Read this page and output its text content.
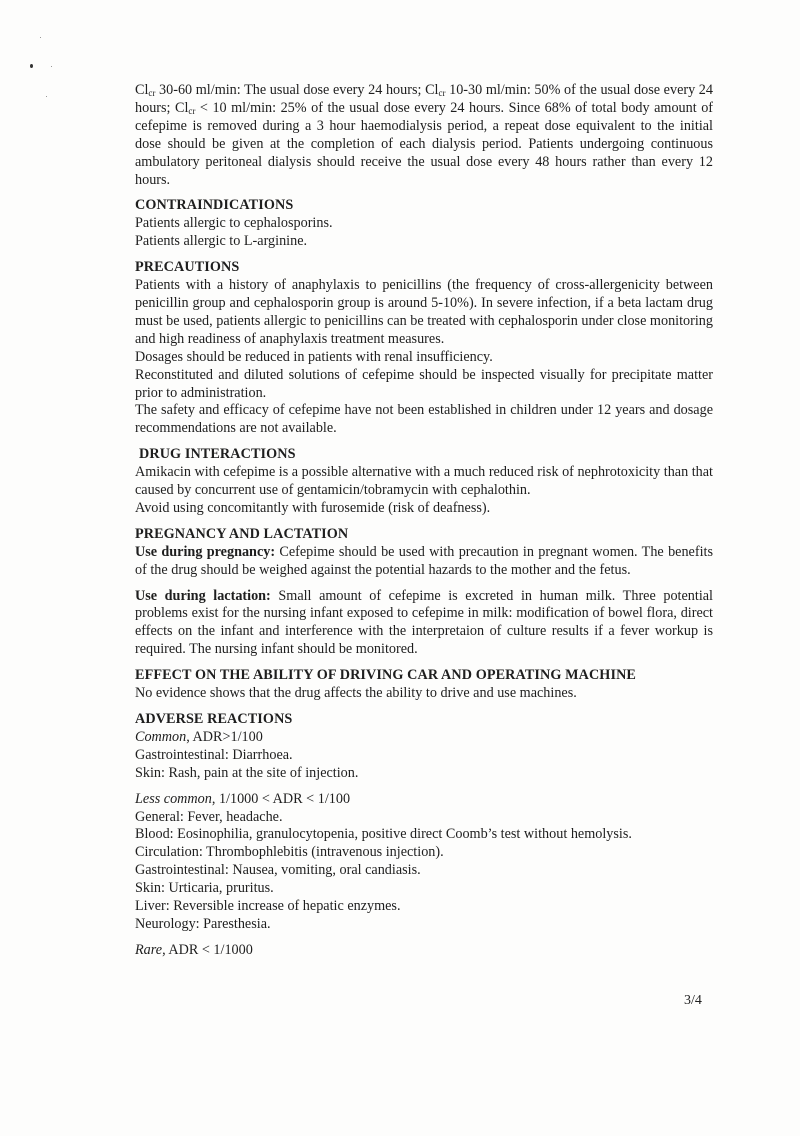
$Cl_{cr}$ 30-60 ml/min: The usual dose every 24 hours; $Cl_{cr}$ 10-30 ml/min: 50% of the usual dose every 24 hours; $Cl_{cr} < 10$ ml/min: 25% of the usual dose every 24 hours. Since 68% of total body amount of cefepime is removed during a 3 hour haemodialysis period, a repeat dose equivalent to the initial dose should be given at the completion of each dialysis period. Patients undergoing continuous ambulatory peritoneal dialysis should receive the usual dose every 48 hours rather than every 12 hours.

CONTRAINDICATIONS

Patients allergic to cephalosporins.

Patients allergic to L-arginine.

PRECAUTIONS

Patients with a history of anaphylaxis to penicillins (the frequency of cross-allergenicity between penicillin group and cephalosporin group is around 5-10%). In severe infection, if a beta lactam drug must be used, patients allergic to penicillins can be treated with cephalosporin under close monitoring and high readiness of anaphylaxis treatment measures.

Dosages should be reduced in patients with renal insufficiency.

Reconstituted and diluted solutions of cefepime should be inspected visually for precipitate matter prior to administration.

The safety and efficacy of cefepime have not been established in children under 12 years and dosage recommendations are not available.

DRUG INTERACTIONS

Amikacin with cefepime is a possible alternative with a much reduced risk of nephrotoxicity than that caused by concurrent use of gentamicin/tobramycin with cephalothin.

Avoid using concomitantly with furosemide (risk of deafness).

PREGNANCY AND LACTATION

Use during pregnancy: Cefepime should be used with precaution in pregnant women. The benefits of the drug should be weighed against the potential hazards to the mother and the fetus.

Use during lactation: Small amount of cefepime is excreted in human milk. Three potential problems exist for the nursing infant exposed to cefepime in milk: modification of bowel flora, direct effects on the infant and interference with the interpretaion of culture results if a fever workup is required. The nursing infant should be monitored.

EFFECT ON THE ABILITY OF DRIVING CAR AND OPERATING MACHINE

No evidence shows that the drug affects the ability to drive and use machines.

ADVERSE REACTIONS

Common, ADR>1/100

Gastrointestinal: Diarrhoea.

Skin: Rash, pain at the site of injection.

Less common, 1/1000 < ADR < 1/100

General: Fever, headache.

Blood: Eosinophilia, granulocytopenia, positive direct Coomb’s test without hemolysis.

Circulation: Thrombophlebitis (intravenous injection).

Gastrointestinal: Nausea, vomiting, oral candiasis.

Skin: Urticaria, pruritus.

Liver: Reversible increase of hepatic enzymes.

Neurology: Paresthesia.

Rare, ADR < 1/1000

3/4
